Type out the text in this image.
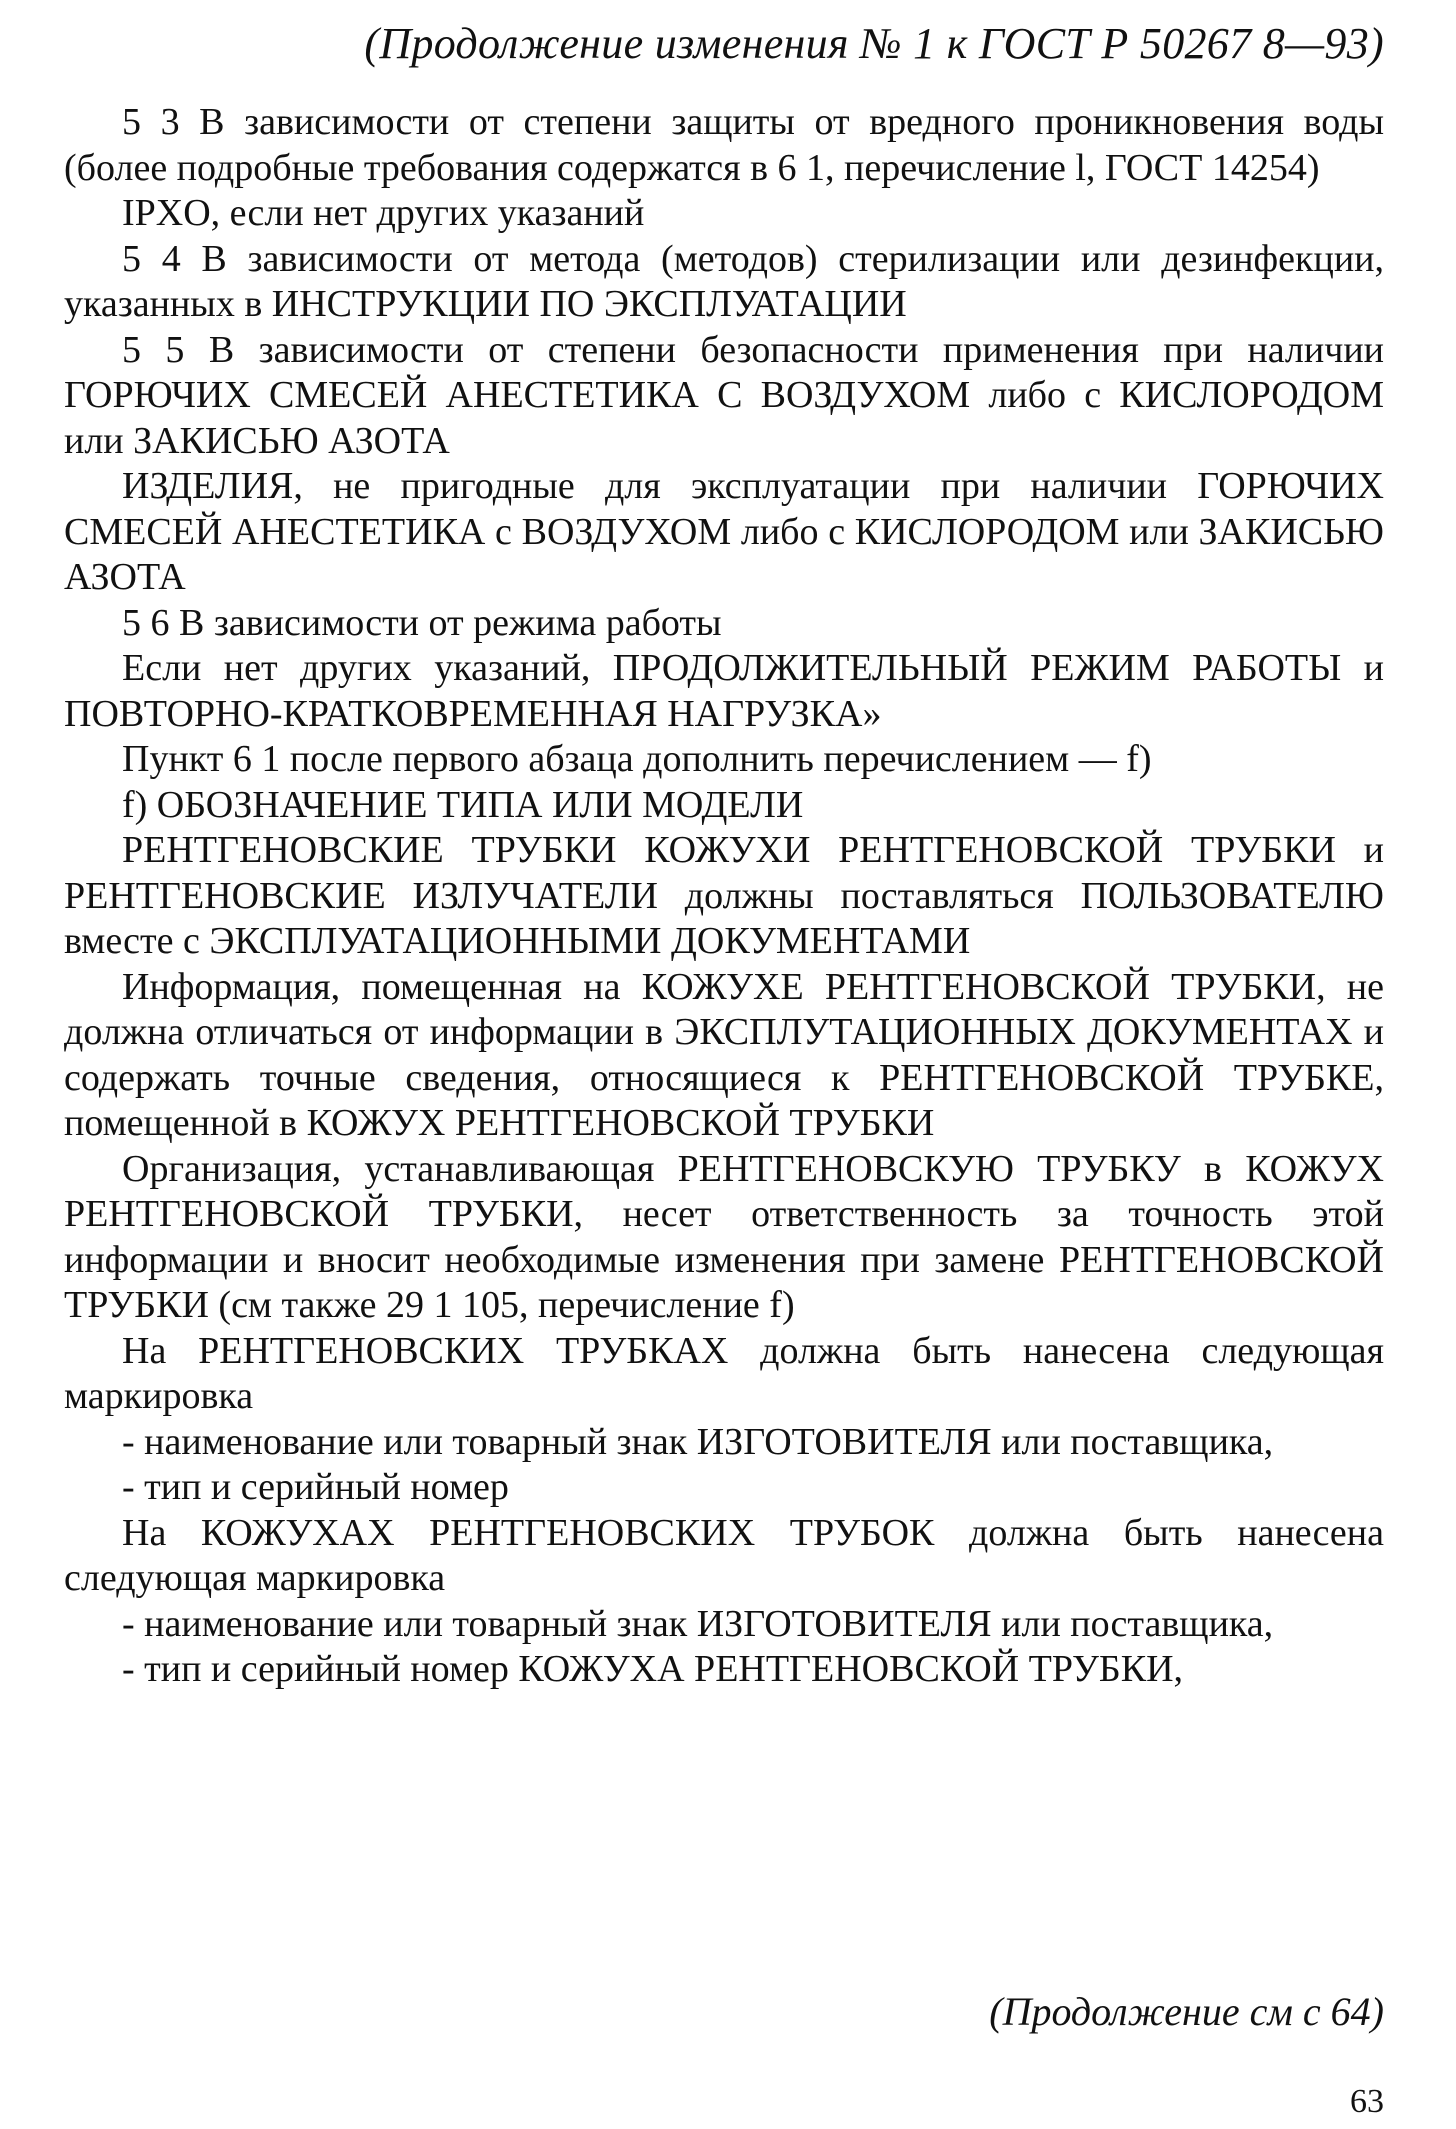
(Продолжение изменения № 1 к ГОСТ Р 50267 8—93)

5 3 В зависимости от степени защиты от вредного проникновения воды (более подробные требования содержатся в 6 1, перечисление l, ГОСТ 14254)

IPXO, если нет других указаний

5 4 В зависимости от метода (методов) стерилизации или дезинфекции, указанных в ИНСТРУКЦИИ ПО ЭКСПЛУАТАЦИИ

5 5 В зависимости от степени безопасности применения при наличии ГОРЮЧИХ СМЕСЕЙ АНЕСТЕТИКА С ВОЗДУХОМ либо с КИСЛОРОДОМ или ЗАКИСЬЮ АЗОТА

ИЗДЕЛИЯ, не пригодные для эксплуатации при наличии ГОРЮЧИХ СМЕСЕЙ АНЕСТЕТИКА с ВОЗДУХОМ либо с КИСЛОРОДОМ или ЗАКИСЬЮ АЗОТА

5 6 В зависимости от режима работы

Если нет других указаний, ПРОДОЛЖИТЕЛЬНЫЙ РЕЖИМ РАБОТЫ и ПОВТОРНО-КРАТКОВРЕМЕННАЯ НАГРУЗКА»

Пункт 6 1 после первого абзаца дополнить перечислением — f)

f) ОБОЗНАЧЕНИЕ ТИПА ИЛИ МОДЕЛИ

РЕНТГЕНОВСКИЕ ТРУБКИ КОЖУХИ РЕНТГЕНОВСКОЙ ТРУБКИ и РЕНТГЕНОВСКИЕ ИЗЛУЧАТЕЛИ должны поставляться ПОЛЬЗОВАТЕЛЮ вместе с ЭКСПЛУАТАЦИОННЫМИ ДОКУМЕНТАМИ

Информация, помещенная на КОЖУХЕ РЕНТГЕНОВСКОЙ ТРУБКИ, не должна отличаться от информации в ЭКСПЛУТАЦИОННЫХ ДОКУМЕНТАХ и содержать точные сведения, относящиеся к РЕНТГЕНОВСКОЙ ТРУБКЕ, помещенной в КОЖУХ РЕНТГЕНОВСКОЙ ТРУБКИ

Организация, устанавливающая РЕНТГЕНОВСКУЮ ТРУБКУ в КОЖУХ РЕНТГЕНОВСКОЙ ТРУБКИ, несет ответственность за точность этой информации и вносит необходимые изменения при замене РЕНТГЕНОВСКОЙ ТРУБКИ (см также 29 1 105, перечисление f)

На РЕНТГЕНОВСКИХ ТРУБКАХ должна быть нанесена следующая маркировка

- наименование или товарный знак ИЗГОТОВИТЕЛЯ или поставщика,

- тип и серийный номер

На КОЖУХАХ РЕНТГЕНОВСКИХ ТРУБОК должна быть нанесена следующая маркировка

- наименование или товарный знак ИЗГОТОВИТЕЛЯ или поставщика,

- тип и серийный номер КОЖУХА РЕНТГЕНОВСКОЙ ТРУБКИ,

(Продолжение см с 64)
63
